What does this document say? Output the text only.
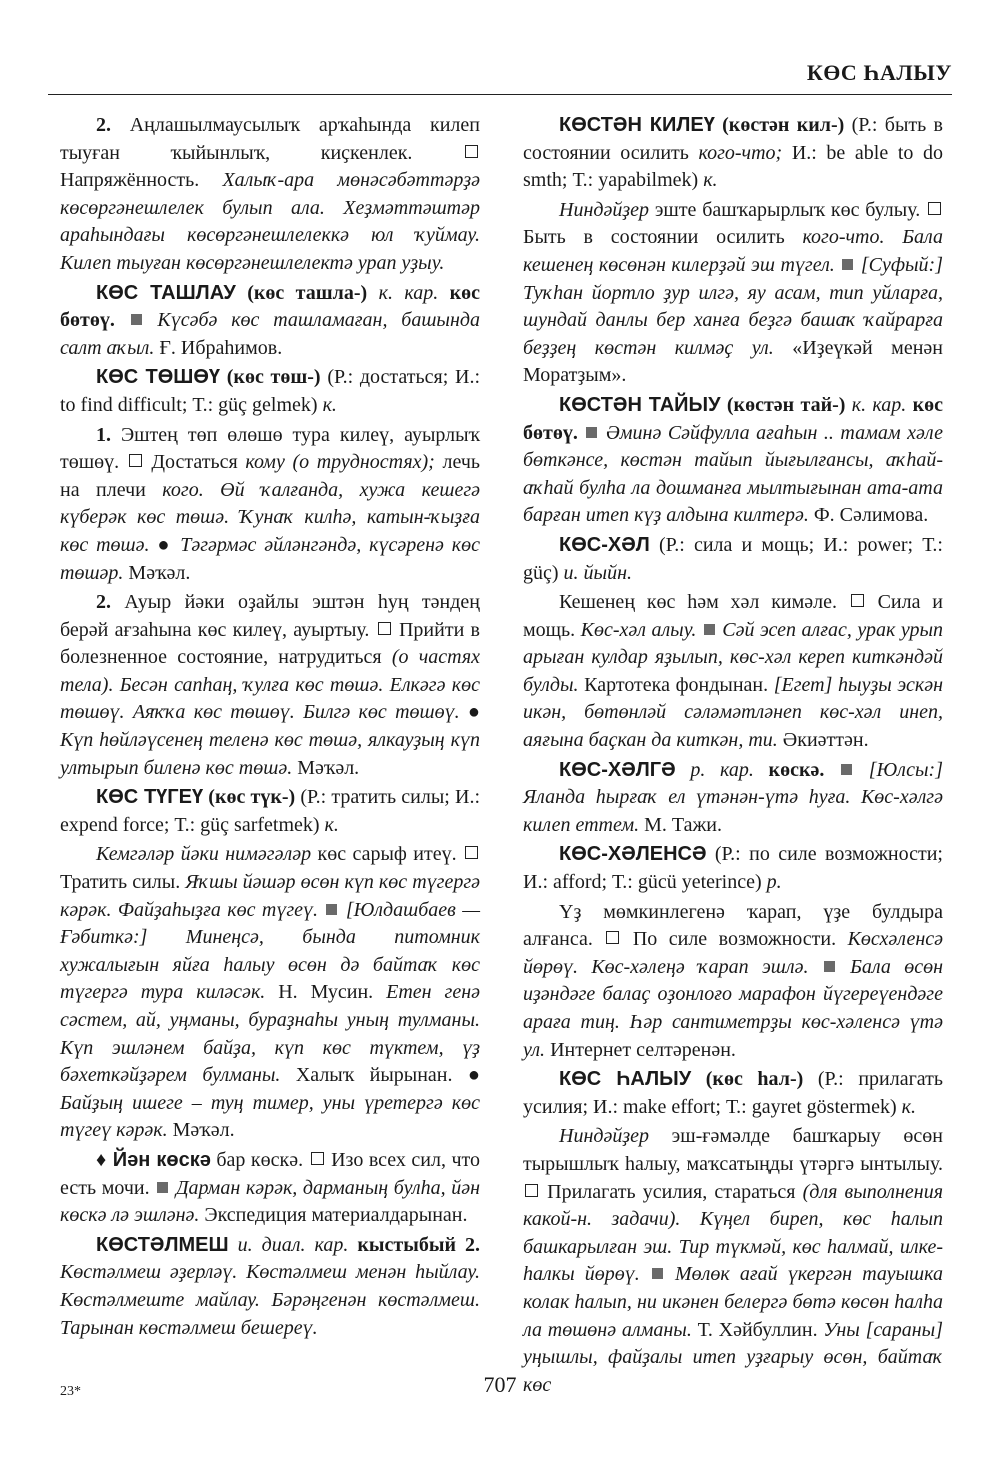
КӨС ҺАЛЫУ

2. Аңлашылмаусылыҡ арҡаһында килеп тыуған ҡыйынлыҡ, киҫкенлек.  Напряжённость. Халыҡ-ара мөнәсәбәттәрҙә көсөргәнешлелек булып ала. Хеҙмәттәштәр араһындағы көсөргәнешлелеккә юл ҡуймау. Килеп тыуған көсөргәнешлелектә урап уҙыу.

КӨС ТАШЛАУ (көс ташла-) к. кар. көс бөтөү.  Күсәбә көс ташламаған, башында салт аҡыл. Ғ. Ибраһимов.

КӨС ТӨШӨҮ (көс төш-) (Р.: достаться; И.: to find difficult; Т.: güç gelmek) к.

1. Эштең төп өлөшө тура килеү, ауырлыҡ төшөү.  Достаться кому (о трудностях); лечь на плечи кого. Өй ҡалғанда, хужа кешегә күберәк көс төшә. Ҡунаҡ килһә, катын-ҡыҙға көс төшә. ● Тәгәрмәс әйләнгәндә, күсәренә көс төшәр. Мәҡәл.

2. Ауыр йәки оҙайлы эштән һуң тәндең берәй ағзаһына көс килеү, ауыртыу.  Прийти в болезненное состояние, натрудиться (о частях тела). Бесән сапһаң, ҡулға көс төшә. Елкәгә көс төшөү. Аяҡҡа көс төшөү. Билгә көс төшөү. ● Күп һөйләүсенең теленә көс төшә, ялкауҙың күп ултырып биленә көс төшә. Мәҡәл.

КӨС ТҮГЕҮ (көс түк-) (Р.: тратить силы; И.: expend force; Т.: güç sarfetmek) к.

Кемгәләр йәки нимәгәләр көс сарыф итеү.  Тратить силы. Яҡшы йәшәр өсөн күп көс түгергә кәрәк. Файҙаһыҙға көс түгеү.  [Юлдашбаев — Ғәбиткә:] Минеңсә, бында питомник хужалығын яйға һалыу өсөн дә байтаҡ көс түгергә тура киләсәк. Н. Мусин. Етен генә сәстем, ай, уңманы, бураҙнаһы уның тулманы. Күп эшләнем байҙа, күп көс түктем, үҙ бәхеткәйҙәрем булманы. Халыҡ йырынан. ● Байҙың ишеге – туң тимер, уны үретергә көс түгеү кәрәк. Мәҡәл.

♦ Йән көскә бар көскә.  Изо всех сил, что есть мочи.  Дарман кәрәк, дарманың булһа, йән көскә лә эшләнә. Экспедиция материалдарынан.

КӨСТӘЛМЕШ и. диал. кар. кыстыбый 2. Көстәлмеш әҙерләү. Көстәлмеш менән һыйлау. Көстәлмеште майлау. Бәрәңгенән көстәлмеш. Тарынан көстәлмеш бешереү.

КӨСТӘН КИЛЕҮ (көстән кил-) (Р.: быть в состоянии осилить кого-что; И.: be able to do smth; Т.: yapabilmek) к.

Ниндәйҙер эште башҡарырлыҡ көс булыу.  Быть в состоянии осилить кого-что. Бала кешенең көсөнән килерҙәй эш түгел.  [Суфый:] Туҡһан йортло ҙур илгә, яу асам, тип уйларға, шундай данлы бер ханға беҙгә башаҡ ҡайрарға беҙҙең көстән килмәҫ ул. «Иҙеүкәй менән Моратҙым».

КӨСТӘН ТАЙЫУ (көстән тай-) к. кар. көс бөтөү.  Әминә Сәйфулла ағаһын .. тамам хәле бөткәнсе, көстән тайып йығылғансы, аҡһай-аҡһай булһа ла дошманға мылтығынан ата-ата барған итеп күҙ алдына килтерә. Ф. Сәлимова.

КӨС-ХӘЛ (Р.: сила и мощь; И.: power; Т.: güç) и. йыйн.

Кешенең көс һәм хәл кимәле.  Сила и мощь. Көс-хәл алыу.  Сәй эсеп алғас, урак урып арыған кулдар яҙылып, көс-хәл кереп киткәндәй булды. Картотека фондынан. [Егет] һыуҙы эскән икән, бөтөнләй сәләмәтләнеп көс-хәл инеп, аяғына баҫкан да киткән, ти. Әкиәттән.

КӨС-ХӘЛГӘ р. кар. көскә.  [Юлсы:] Яланда һырғаҡ ел үтәнән-үтә һуға. Көс-хәлгә килеп еттем. М. Тажи.

КӨС-ХӘЛЕНСӘ (Р.: по силе возможности; И.: afford; Т.: gücü yeterince) р.

Үҙ мөмкинлегенә ҡарап, үҙе булдыра алғанса.  По силе возможности. Көсхәленсә йөрөү. Көс-хәлеңә ҡарап эшлә.  Бала өсөн иҙәндәге балаҫ оҙонлоғо марафон йүгереүендәге араға тиң. Һәр сантиметрҙы көс-хәленсә үтә ул. Интернет селтәренән.

КӨС ҺАЛЫУ (көс һал-) (Р.: прилагать усилия; И.: make effort; Т.: gayret göstermek) к.

Ниндәйҙер эш-ғәмәлде башҡарыу өсөн тырышлыҡ һалыу, маҡсатыңды үтәргә ынтылыу.  Прилагать усилия, стараться (для выполнения какой-н. задачи). Күңел биреп, көс һалып башкарылған эш. Тир түкмәй, көс һалмай, илке-һалкы йөрөү.  Мөлөк ағай үкергән тауышка колак һалып, ни икәнен белергә бөтә көсөн һалһа ла төшөнә алманы. Т. Хәйбуллин. Уны [сараны] уңышлы, файҙалы итеп уҙғарыу өсөн, байтаҡ көс

23*	707
